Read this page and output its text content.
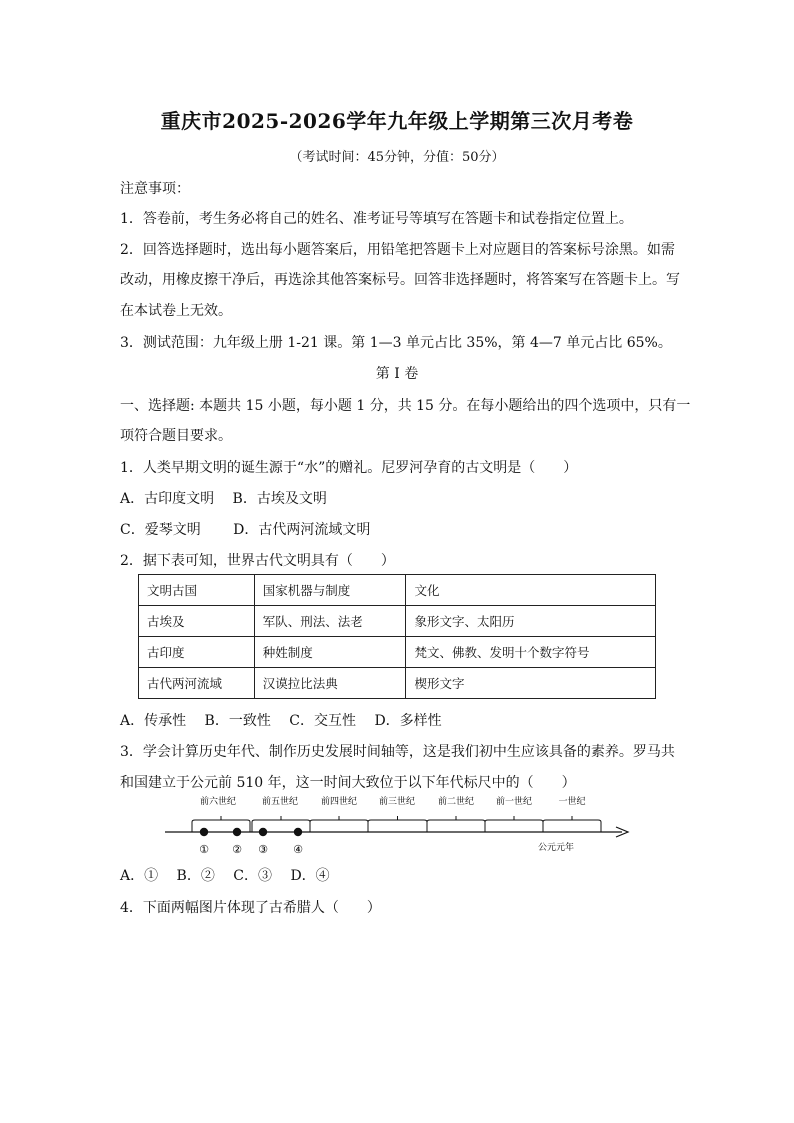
重庆市2025-2026学年九年级上学期第三次月考卷
（考试时间：45分钟，分值：50分）
注意事项：
1．答卷前，考生务必将自己的姓名、准考证号等填写在答题卡和试卷指定位置上。
2．回答选择题时，选出每小题答案后，用铅笔把答题卡上对应题目的答案标号涂黑。如需
改动，用橡皮擦干净后，再选涂其他答案标号。回答非选择题时，将答案写在答题卡上。写
在本试卷上无效。
3．测试范围：九年级上册 1-21 课。第 1—3 单元占比 35%，第 4—7 单元占比 65%。
第 I 卷
一、选择题: 本题共 15 小题，每小题 1 分，共 15 分。在每小题给出的四个选项中，只有一
项符合题目要求。
1．人类早期文明的诞生源于“水”的赠礼。尼罗河孕育的古文明是（　　）
A．古印度文明　 B．古埃及文明
C．爱琴文明　　 D．古代两河流域文明
2．据下表可知，世界古代文明具有（　　）
文明古国	国家机器与制度	文化
古埃及	军队、刑法、法老	象形文字、太阳历
古印度	种姓制度	梵文、佛教、发明十个数字符号
古代两河流域	汉谟拉比法典	楔形文字
A．传承性　 B．一致性　 C．交互性　 D．多样性
3．学会计算历史年代、制作历史发展时间轴等，这是我们初中生应该具备的素养。罗马共
和国建立于公元前 510 年，这一时间大致位于以下年代标尺中的（　　）
前六世纪	前五世纪	前四世纪 前三世纪	前二世纪 前一世纪	一世纪
① ② ③ ④	公元元年
A．①　 B．②　 C．③　 D．④
4．下面两幅图片体现了古希腊人（　　）
